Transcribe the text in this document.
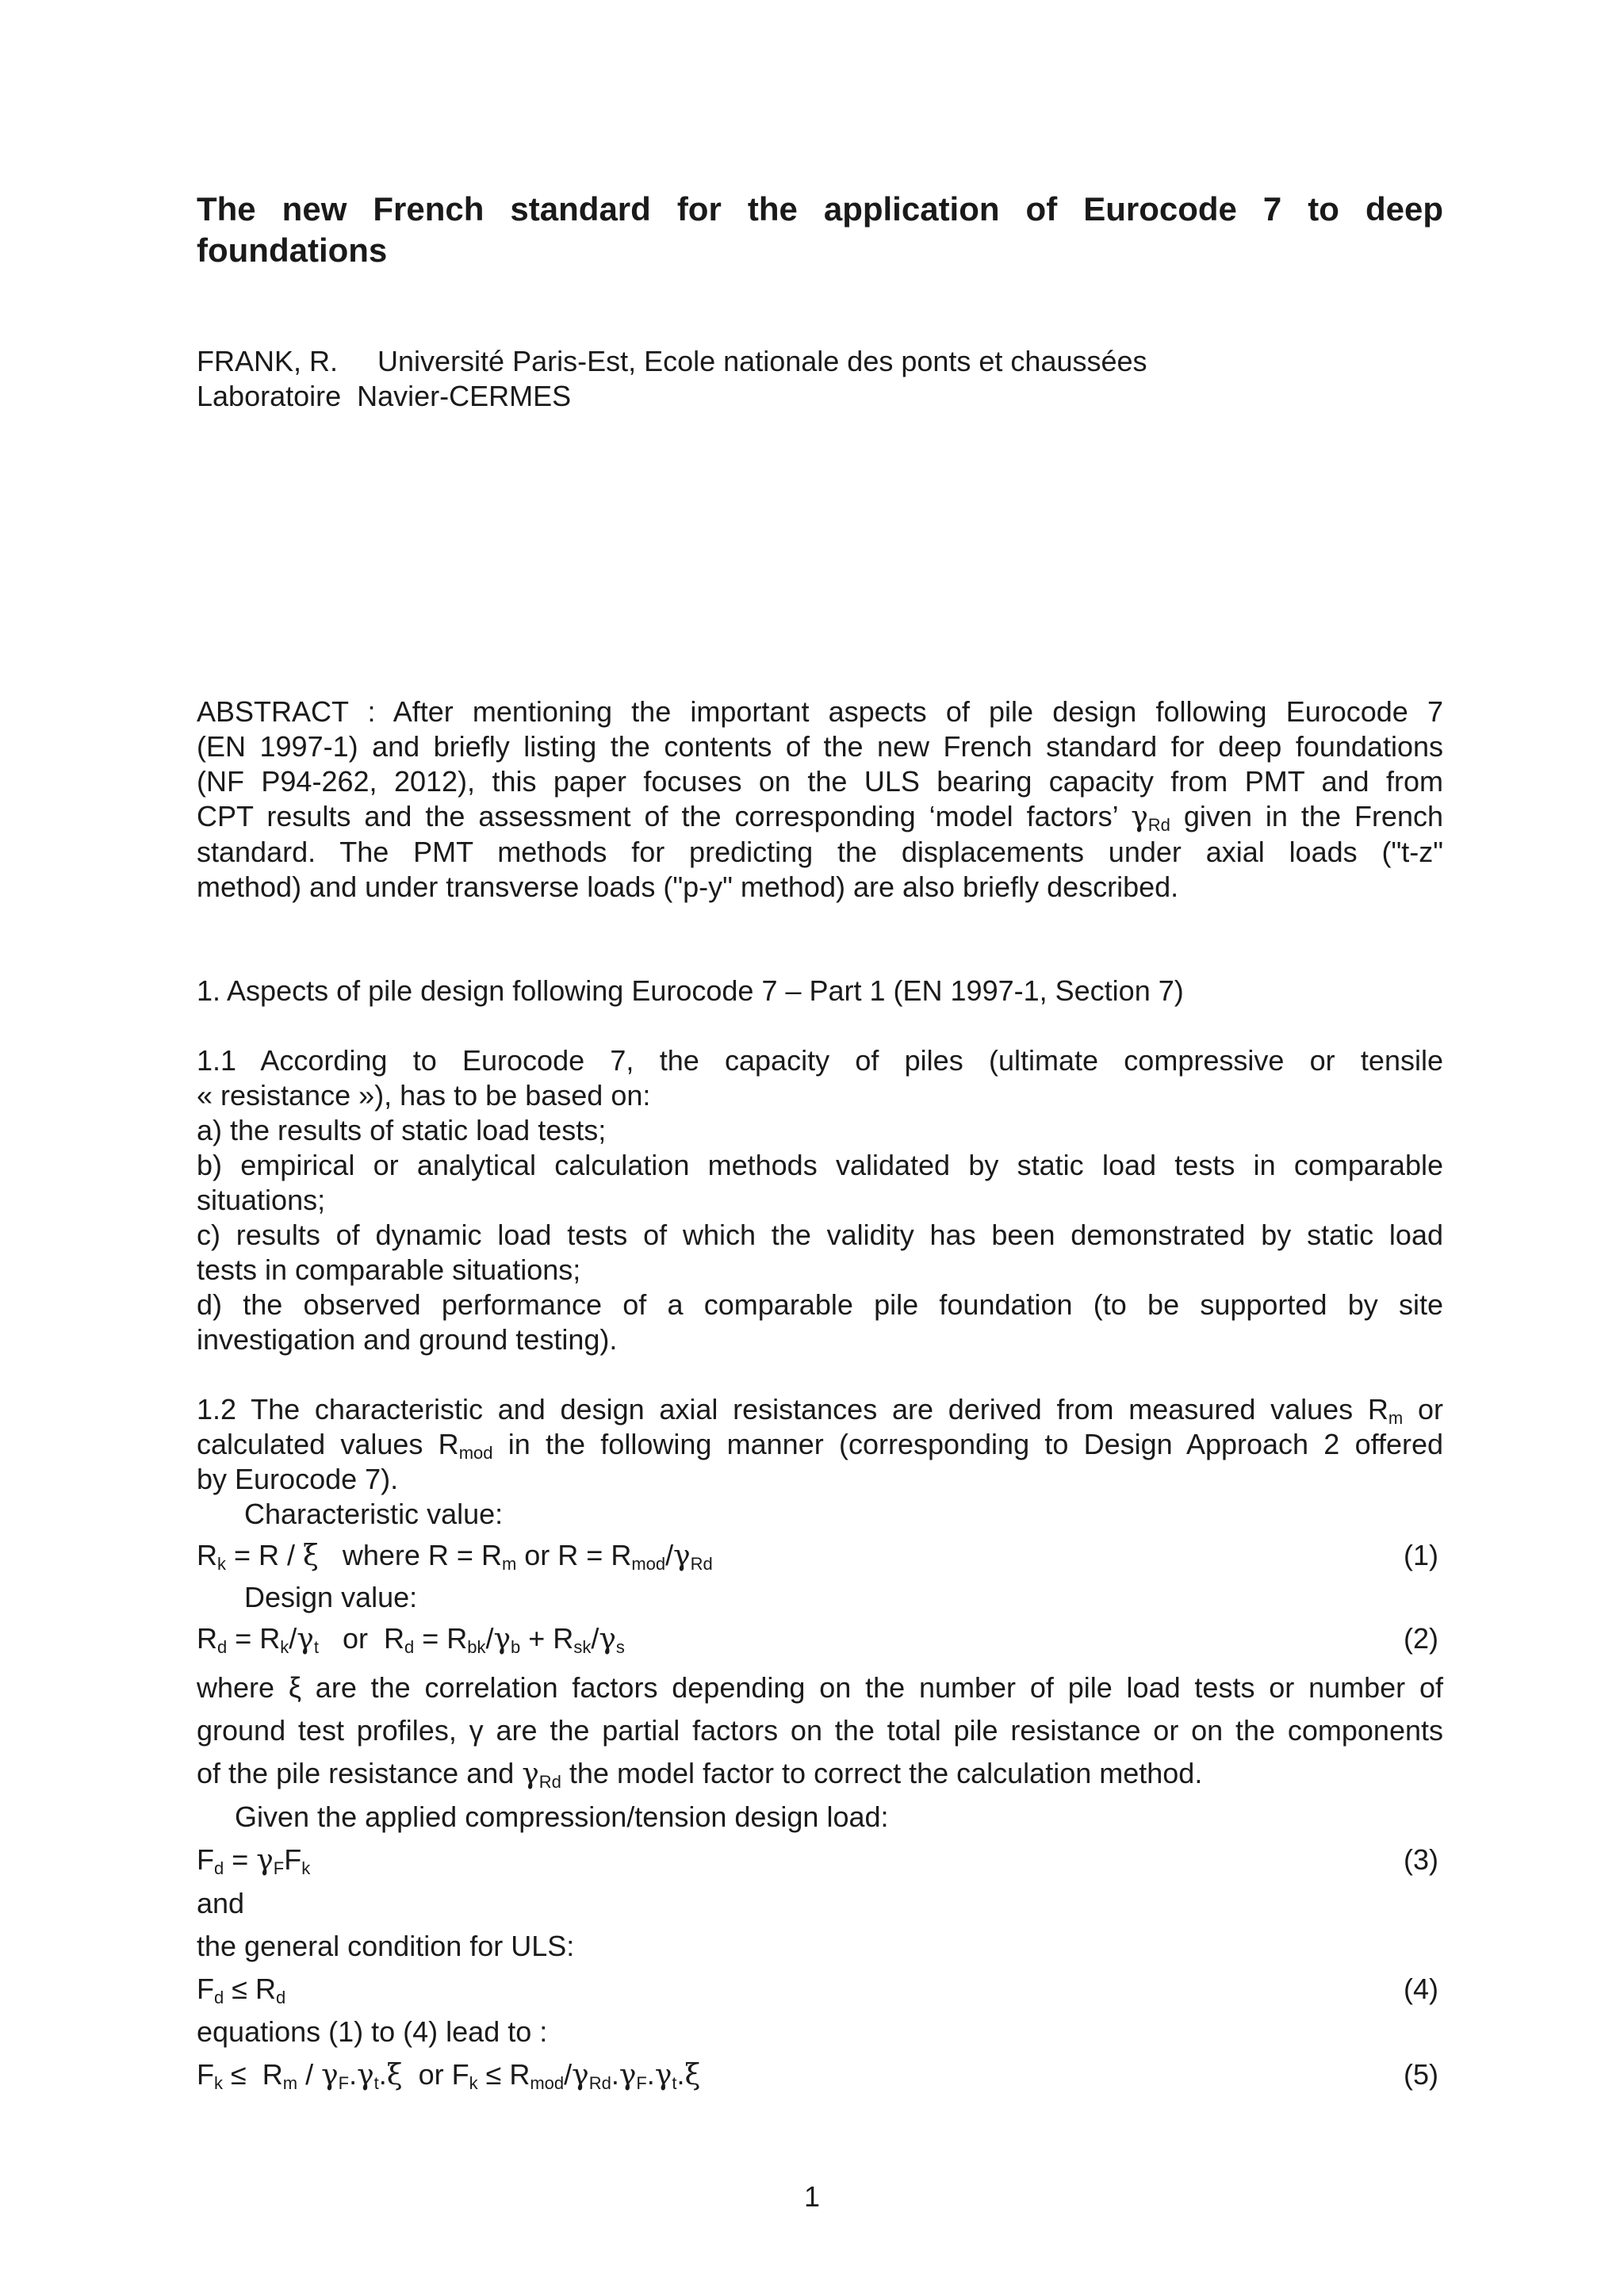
The new French standard for the application of Eurocode 7 to deep
foundations
FRANK, R. Université Paris-Est, Ecole nationale des ponts et chaussées
Laboratoire  Navier-CERMES
ABSTRACT : After mentioning the important aspects of pile design following Eurocode 7
(EN 1997-1) and briefly listing the contents of the new French standard for deep foundations
(NF P94-262, 2012), this paper focuses on the ULS bearing capacity from PMT and from
CPT results and the assessment of the corresponding ‘model factors’ $\gamma_{Rd}$ given in the French
standard. The PMT methods for predicting the displacements under axial loads ("t-z"
method) and under transverse loads ("p-y" method) are also briefly described.
1. Aspects of pile design following Eurocode 7 – Part 1 (EN 1997-1, Section 7)
1.1 According to Eurocode 7, the capacity of piles (ultimate compressive or tensile
« resistance »), has to be based on:
a) the results of static load tests;
b) empirical or analytical calculation methods validated by static load tests in comparable
situations;
c) results of dynamic load tests of which the validity has been demonstrated by static load
tests in comparable situations;
d) the observed performance of a comparable pile foundation (to be supported by site
investigation and ground testing).
1.2 The characteristic and design axial resistances are derived from measured values $R_m$ or
calculated values $R_{mod}$ in the following manner (corresponding to Design Approach 2 offered
by Eurocode 7).
Characteristic value:
$R_k = R / \xi$   where $R = R_m$ or $R = R_{mod}/\gamma_{Rd}$	(1)
Design value:
$R_d = R_k/\gamma_t$   or  $R_d = R_{bk}/\gamma_b + R_{sk}/\gamma_s$	(2)
where ξ are the correlation factors depending on the number of pile load tests or number of
ground test profiles, γ are the partial factors on the total pile resistance or on the components
of the pile resistance and $\gamma_{Rd}$ the model factor to correct the calculation method.
Given the applied compression/tension design load:
$F_d = \gamma_FF_k$	(3)
and
the general condition for ULS:
$F_d \le R_d$	(4)
equations (1) to (4) lead to :
$F_k \le R_m / \gamma_F.\gamma_t.\xi$  or $F_k \le R_{mod}/\gamma_{Rd}.\gamma_F.\gamma_t.\xi$	(5)
1
